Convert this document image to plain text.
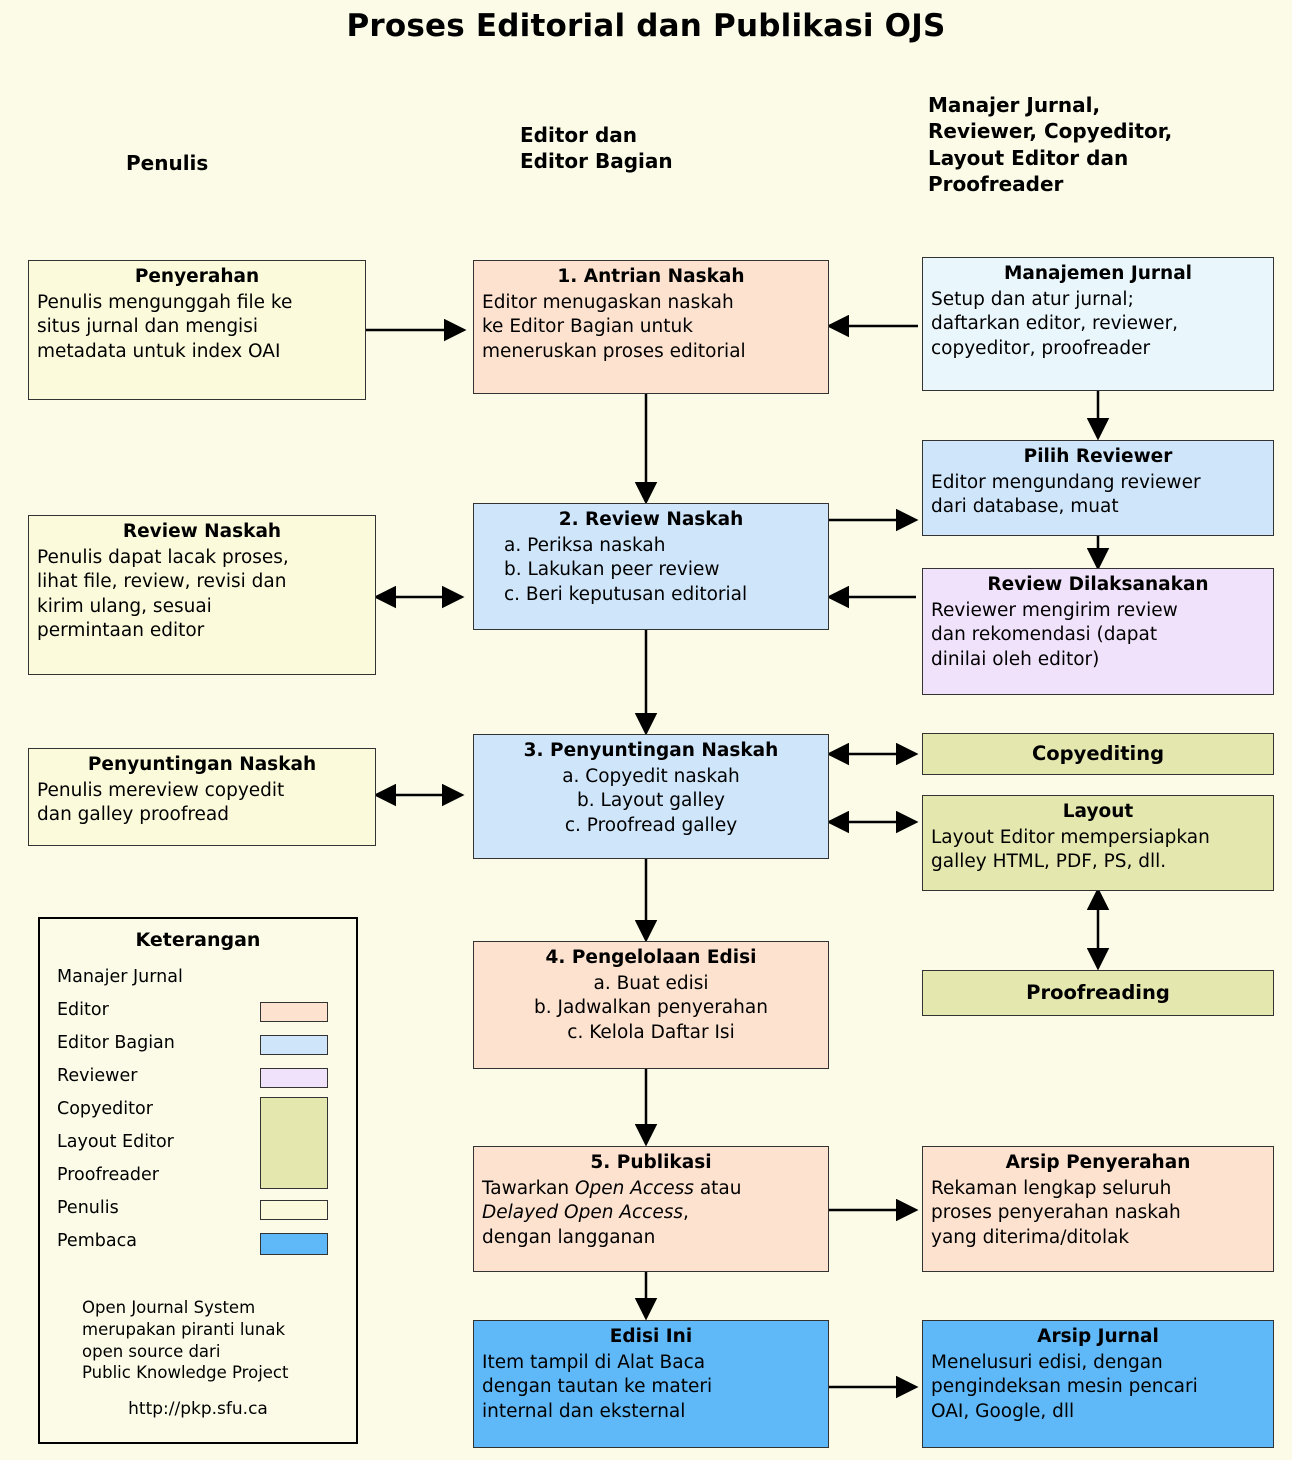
Proses Editorial dan Publikasi OJS
Penulis
Editor dan
Editor Bagian
Manajer Jurnal,
Reviewer, Copyeditor,
Layout Editor dan
Proofreader
Penyerahan
Penulis mengunggah file ke
situs jurnal dan mengisi
metadata untuk index OAI
1. Antrian Naskah
Editor menugaskan naskah
ke Editor Bagian untuk
meneruskan proses editorial
Manajemen Jurnal
Setup dan atur jurnal;
daftarkan editor, reviewer,
copyeditor, proofreader
Pilih Reviewer
Editor mengundang reviewer
dari database, muat
Review Naskah
Penulis dapat lacak proses,
lihat file, review, revisi dan
kirim ulang, sesuai
permintaan editor
2. Review Naskah
a. Periksa naskah
b. Lakukan peer review
c. Beri keputusan editorial	Review Dilaksanakan
Reviewer mengirim review
dan rekomendasi (dapat
dinilai oleh editor)
Penyuntingan Naskah
Penulis mereview copyedit
dan galley proofread
3. Penyuntingan Naskah
a. Copyedit naskah
b. Layout galley
c. Proofread galley
Copyediting
Layout
Layout Editor mempersiapkan
galley HTML, PDF, PS, dll.
Proofreading
4. Pengelolaan Edisi
a. Buat edisi
b. Jadwalkan penyerahan
c. Kelola Daftar Isi
5. Publikasi
Tawarkan Open Access atau
Delayed Open Access,
dengan langganan
Arsip Penyerahan
Rekaman lengkap seluruh
proses penyerahan naskah
yang diterima/ditolak
Edisi Ini
Item tampil di Alat Baca
dengan tautan ke materi
internal dan eksternal
Arsip Jurnal
Menelusuri edisi, dengan
pengindeksan mesin pencari
OAI, Google, dll
Keterangan
Manajer Jurnal
Editor
Editor Bagian
Reviewer
Copyeditor
Layout Editor
Proofreader
Penulis
Pembaca
Open Journal System
merupakan piranti lunak
open source dari
Public Knowledge Project
http://pkp.sfu.ca
